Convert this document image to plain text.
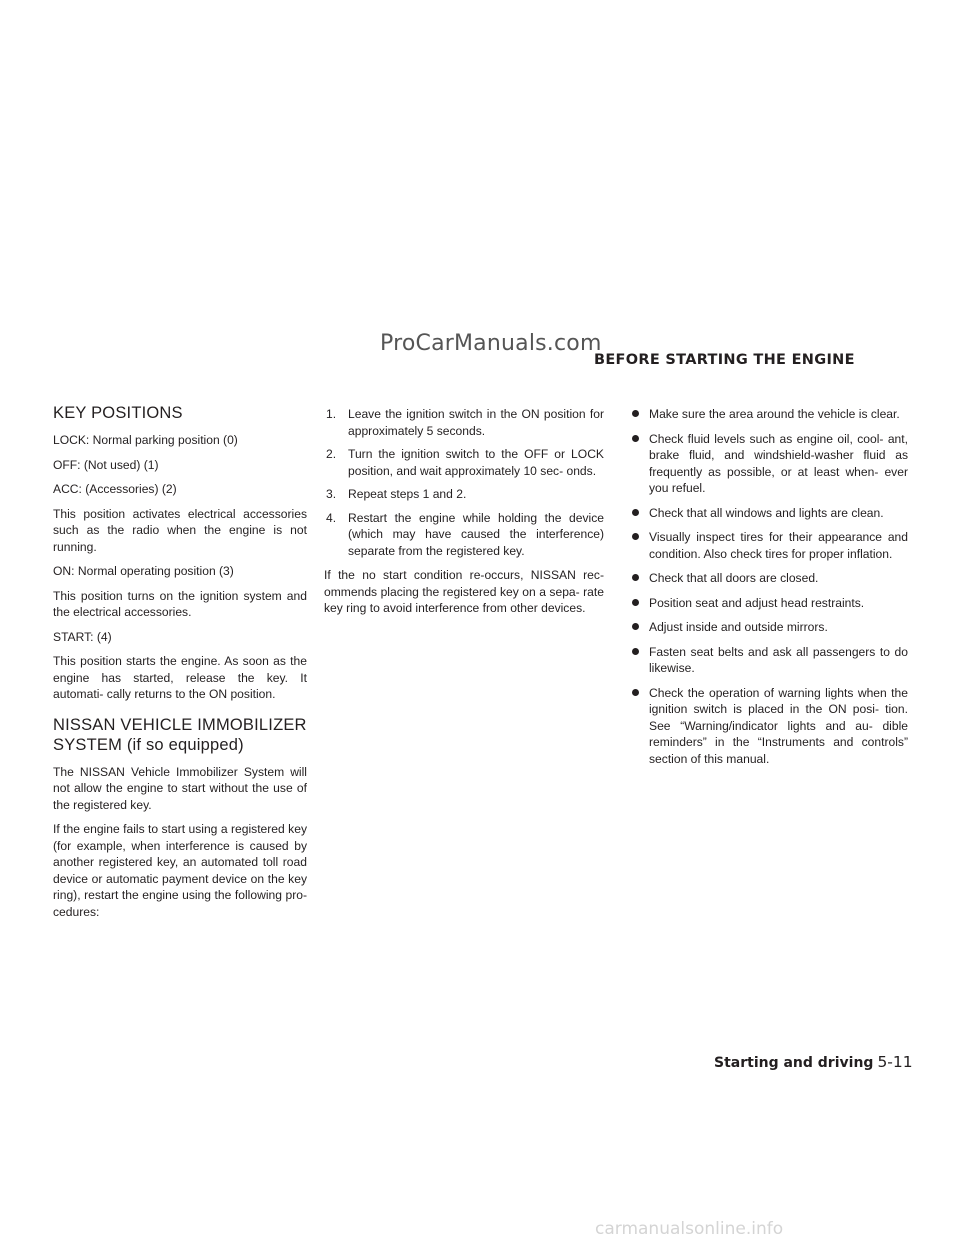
ProCarManuals.com
BEFORE STARTING THE ENGINE
KEY POSITIONS

LOCK: Normal parking position (0)

OFF: (Not used) (1)

ACC: (Accessories) (2)

This position activates electrical accessories such as the radio when the engine is not running.

ON: Normal operating position (3)

This position turns on the ignition system and the electrical accessories.

START: (4)

This position starts the engine. As soon as the engine has started, release the key. It automati- cally returns to the ON position.

NISSAN VEHICLE IMMOBILIZER
SYSTEM (if so equipped)

The NISSAN Vehicle Immobilizer System will not allow the engine to start without the use of the registered key.

If the engine fails to start using a registered key (for example, when interference is caused by another registered key, an automated toll road device or automatic payment device on the key ring), restart the engine using the following pro- cedures:

1. Leave the ignition switch in the ON position for approximately 5 seconds.
2. Turn the ignition switch to the OFF or LOCK position, and wait approximately 10 sec- onds.
3. Repeat steps 1 and 2.
4. Restart the engine while holding the device (which may have caused the interference) separate from the registered key.

If the no start condition re-occurs, NISSAN rec- ommends placing the registered key on a sepa- rate key ring to avoid interference from other devices.

Make sure the area around the vehicle is clear.
Check fluid levels such as engine oil, cool- ant, brake fluid, and windshield-washer fluid as frequently as possible, or at least when- ever you refuel.
Check that all windows and lights are clean.
Visually inspect tires for their appearance and condition. Also check tires for proper inflation.
Check that all doors are closed.
Position seat and adjust head restraints.
Adjust inside and outside mirrors.
Fasten seat belts and ask all passengers to do likewise.
Check the operation of warning lights when the ignition switch is placed in the ON posi- tion. See “Warning/indicator lights and au- dible reminders” in the “Instruments and controls” section of this manual.
Starting and driving 5-11
carmanualsonline.info
